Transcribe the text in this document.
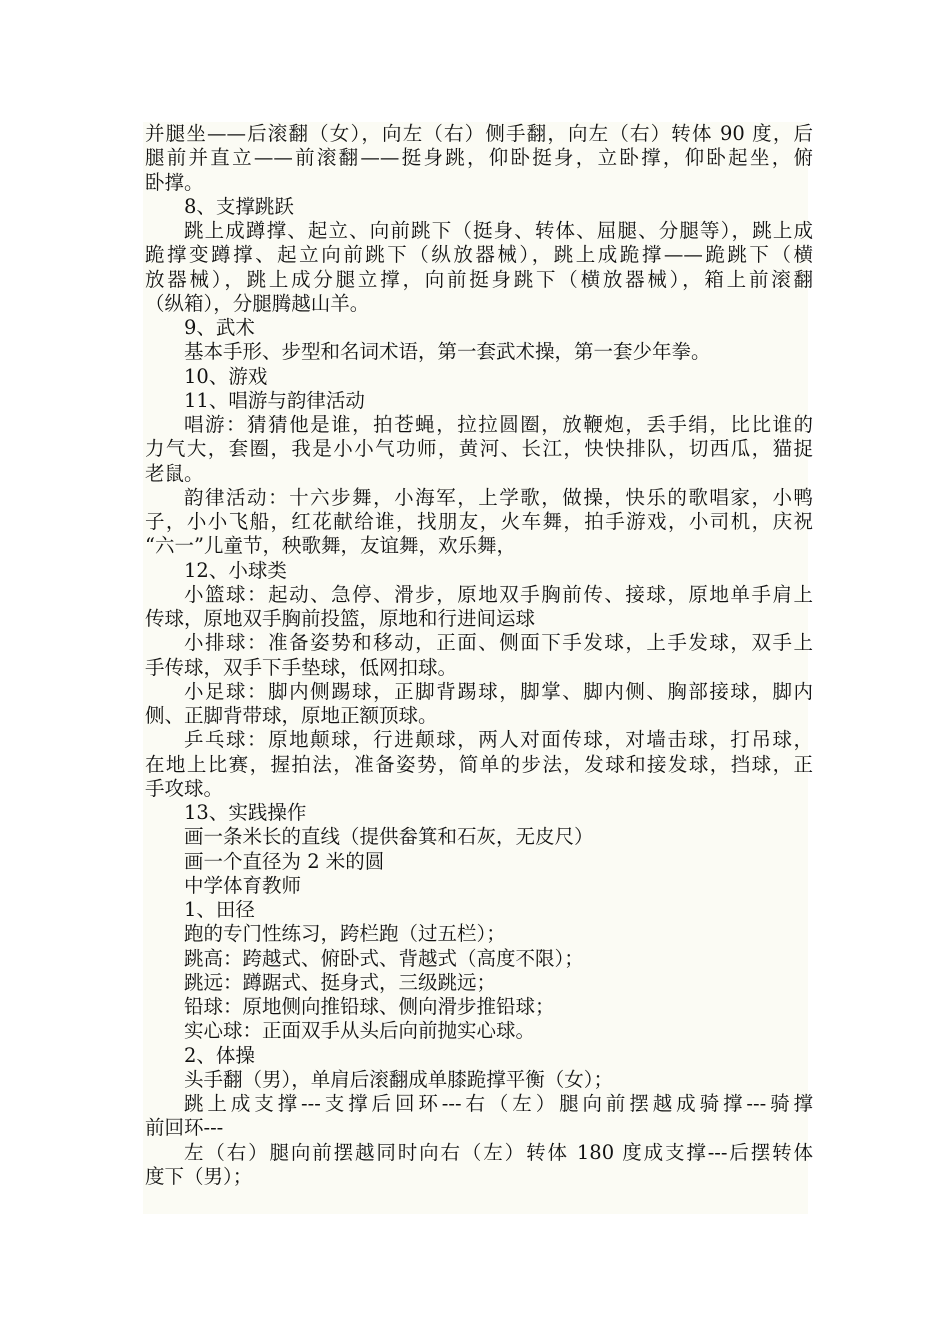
并腿坐——后滚翻（女），向左（右）侧手翻，向左（右）转体 90 度，后
腿前并直立——前滚翻——挺身跳，仰卧挺身，立卧撑，仰卧起坐，俯
卧撑。
8、支撑跳跃
跳上成蹲撑、起立、向前跳下（挺身、转体、屈腿、分腿等），跳上成
跪撑变蹲撑、起立向前跳下（纵放器械），跳上成跪撑——跪跳下（横
放器械），跳上成分腿立撑，向前挺身跳下（横放器械），箱上前滚翻
（纵箱），分腿腾越山羊。
9、武术
基本手形、步型和名词术语，第一套武术操，第一套少年拳。
10、游戏
11、唱游与韵律活动
唱游：猜猜他是谁，拍苍蝇，拉拉圆圈，放鞭炮，丢手绢，比比谁的
力气大，套圈，我是小小气功师，黄河、长江，快快排队，切西瓜，猫捉
老鼠。
韵律活动：十六步舞，小海军，上学歌，做操，快乐的歌唱家，小鸭
子，小小飞船，红花献给谁，找朋友，火车舞，拍手游戏，小司机，庆祝
“六一”儿童节，秧歌舞，友谊舞，欢乐舞，
12、小球类
小篮球：起动、急停、滑步，原地双手胸前传、接球，原地单手肩上
传球，原地双手胸前投篮，原地和行进间运球
小排球：准备姿势和移动，正面、侧面下手发球，上手发球，双手上
手传球，双手下手垫球，低网扣球。
小足球：脚内侧踢球，正脚背踢球，脚掌、脚内侧、胸部接球，脚内
侧、正脚背带球，原地正额顶球。
乒乓球：原地颠球，行进颠球，两人对面传球，对墙击球，打吊球，
在地上比赛，握拍法，准备姿势，简单的步法，发球和接发球，挡球，正
手攻球。
13、实践操作
画一条米长的直线（提供畚箕和石灰，无皮尺）
画一个直径为 2 米的圆
中学体育教师
1、田径
跑的专门性练习，跨栏跑（过五栏）；
跳高：跨越式、俯卧式、背越式（高度不限）；
跳远：蹲踞式、挺身式，三级跳远；
铅球：原地侧向推铅球、侧向滑步推铅球；
实心球：正面双手从头后向前抛实心球。
2、体操
头手翻（男），单肩后滚翻成单膝跪撑平衡（女）；
跳上成支撑---支撑后回环---右（左）腿向前摆越成骑撑---骑撑
前回环---
左（右）腿向前摆越同时向右（左）转体 180 度成支撑---后摆转体
度下（男）；
